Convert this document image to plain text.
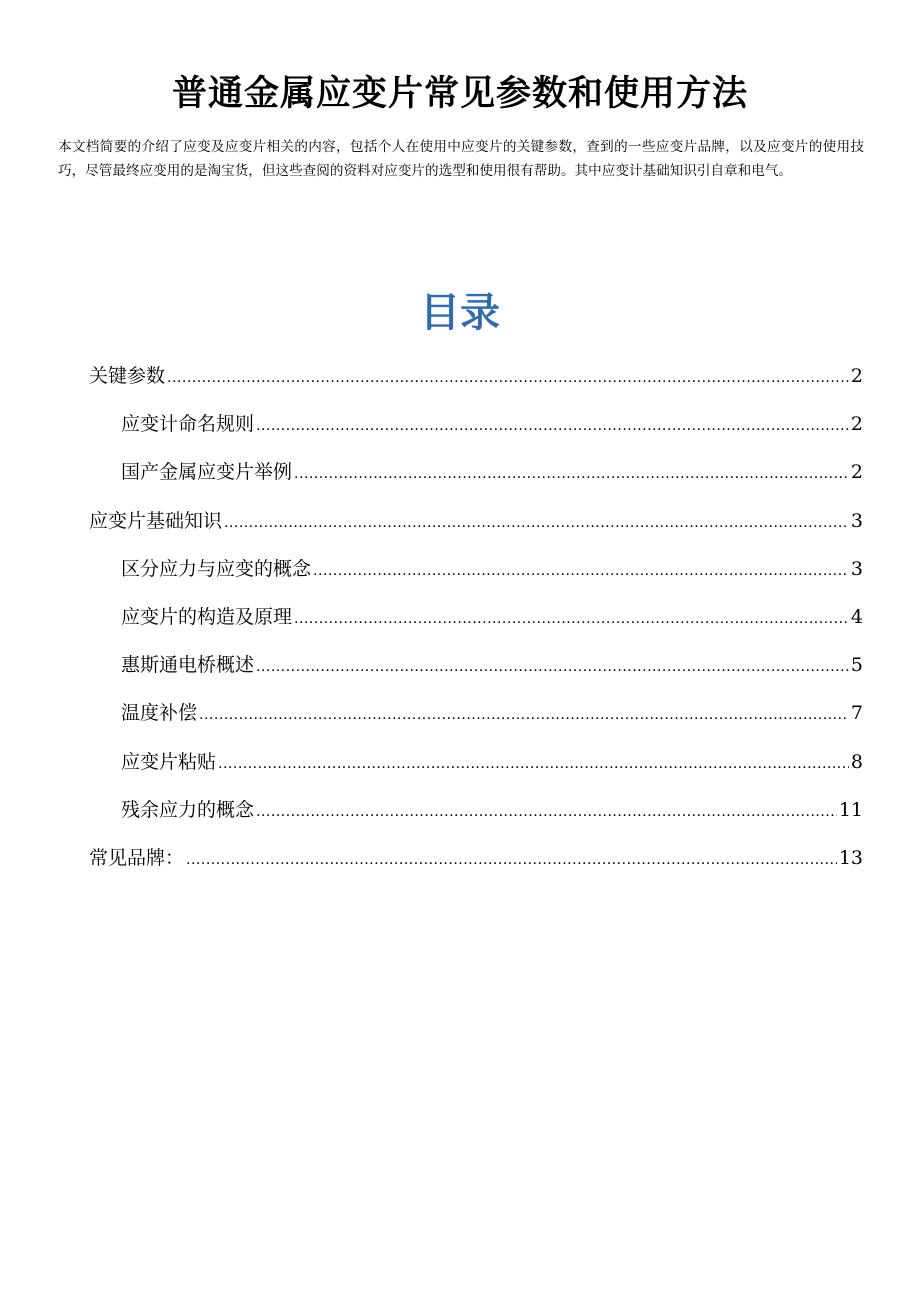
普通金属应变片常见参数和使用方法

本文档简要的介绍了应变及应变片相关的内容，包括个人在使用中应变片的关键参数，查到的一些应变片品牌，以及应变片的使用技巧，尽管最终应变用的是淘宝货，但这些查阅的资料对应变片的选型和使用很有帮助。其中应变计基础知识引自章和电气。

目录
关键参数 .....	2
应变计命名规则 .....	2
国产金属应变片举例 .....	2
应变片基础知识 .....	3
区分应力与应变的概念 .....	3
应变片的构造及原理 .....	4
惠斯通电桥概述 .....	5
温度补偿 .....	7
应变片粘贴 .....	8
残余应力的概念 .....	11
常见品牌： .....	13
